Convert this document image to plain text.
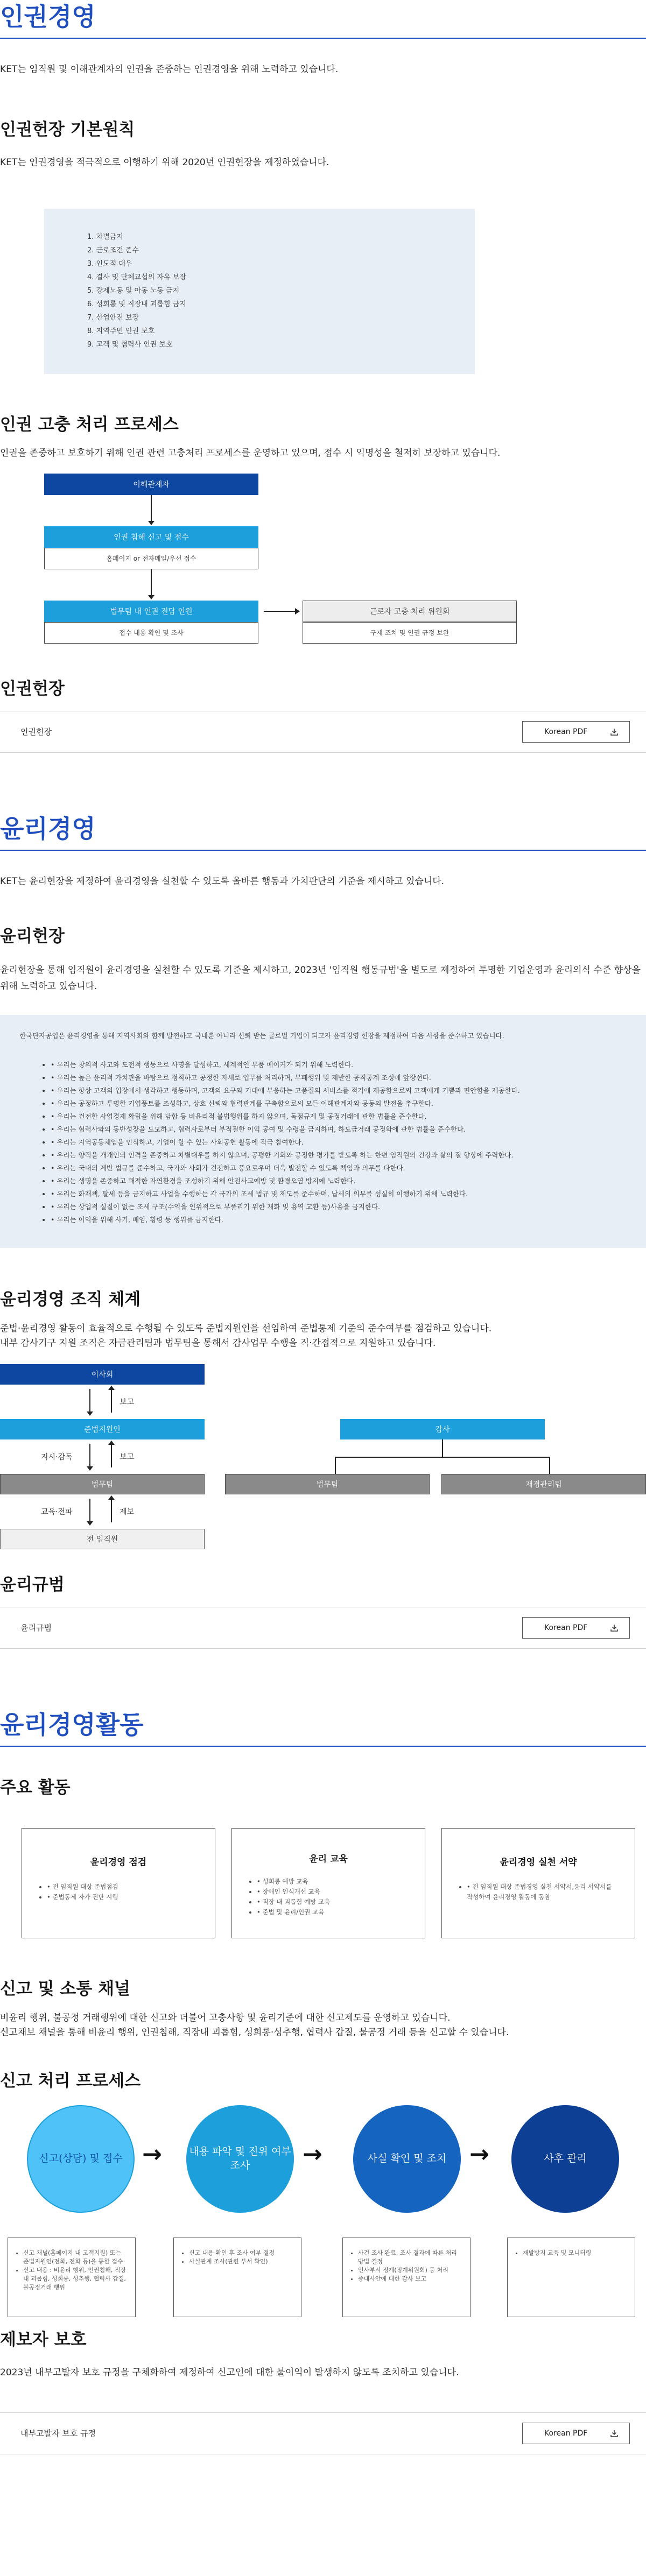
인권경영

KET는 임직원 및 이해관계자의 인권을 존중하는 인권경영을 위해 노력하고 있습니다.

인권헌장 기본원칙

KET는 인권경영을 적극적으로 이행하기 위해 2020년 인권헌장을 제정하였습니다.

1. 차별금지
2. 근로조건 준수
3. 인도적 대우
4. 결사 및 단체교섭의 자유 보장
5. 강제노동 및 아동 노동 금지
6. 성희롱 및 직장내 괴롭힘 금지
7. 산업안전 보장
8. 지역주민 인권 보호
9. 고객 및 협력사 인권 보호
인권 고충 처리 프로세스

인권을 존중하고 보호하기 위해 인권 관련 고충처리 프로세스를 운영하고 있으며, 접수 시 익명성을 철저히 보장하고 있습니다.

이해관계자
인권 침해 신고 및 접수
홈페이지 or 전자메일/우선 접수
법무팀 내 인권 전담 인원
접수 내용 확인 및 조사
근로자 고충 처리 위원회
구제 조치 및 인권 규정 보완
인권헌장
인권헌장	Korean PDF
윤리경영

KET는 윤리헌장을 제정하여 윤리경영을 실천할 수 있도록 올바른 행동과 가치판단의 기준을 제시하고 있습니다.

윤리헌장

윤리헌장을 통해 임직원이 윤리경영을 실천할 수 있도록 기준을 제시하고, 2023년 '임직원 행동규범'을 별도로 제정하여 투명한 기업운영과 윤리의식 수준 향상을 위해 노력하고 있습니다.

한국단자공업은 윤리경영을 통해 지역사회와 함께 발전하고 국내뿐 아니라 신뢰 받는 글로벌 기업이 되고자 윤리경영 헌장을 제정하여 다음 사항을 준수하고 있습니다.

• • 우리는 창의적 사고와 도전적 행동으로 사명을 달성하고, 세계적인 부품 메이커가 되기 위해 노력한다.
• • 우리는 높은 윤리적 가치관을 바탕으로 정직하고 공정한 자세로 업무를 처리하며, 부패행위 및 제반한 공직통계 조성에 앞장선다.
• • 우리는 항상 고객의 입장에서 생각하고 행동하며, 고객의 요구와 기대에 부응하는 고품질의 서비스를 적기에 제공함으로써 고객에게 기쁨과 편안함을 제공한다.
• • 우리는 공정하고 투명한 기업풍토를 조성하고, 상호 신뢰와 협력관계를 구축함으로써 모든 이해관계자와 공동의 발전을 추구한다.
• • 우리는 건전한 사업경제 확립을 위해 담합 등 비윤리적 불법행위를 하지 않으며, 독점규제 및 공정거래에 관한 법률을 준수한다.
• • 우리는 협력사와의 동반성장을 도모하고, 협력사로부터 부적절한 이익 공여 및 수령을 금지하며, 하도급거래 공정화에 관한 법률을 준수한다.
• • 우리는 지역공동체임을 인식하고, 기업이 할 수 있는 사회공헌 활동에 적극 참여한다.
• • 우리는 양직을 개개인의 인격을 존중하고 차별대우를 하지 않으며, 공평한 기회와 공정한 평가를 받도록 하는 한편 임직원의 건강과 삶의 질 향상에 주력한다.
• • 우리는 국내외 제반 법규를 준수하고, 국가와 사회가 건전하고 풍요로우며 더욱 발전할 수 있도록 책임과 의무를 다한다.
• • 우리는 생명을 존중하고 쾌적한 자연환경을 조성하기 위해 안전사고예방 및 환경오염 방지에 노력한다.
• • 우리는 화재책, 탈세 등을 금지하고 사업을 수행하는 각 국가의 조세 법규 및 제도를 준수하며, 납세의 의무를 성실히 이행하기 위해 노력한다.
• • 우리는 상업적 실질이 없는 조세 구조(수익을 인위적으로 부풀리기 위한 재화 및 용역 교환 등)사용을 금지한다.
• • 우리는 이익을 위해 사기, 배임, 횡령 등 행위를 금지한다.
윤리경영 조직 체계

준법·윤리경영 활동이 효율적으로 수행될 수 있도록 준법지원인을 선임하여 준법통제 기준의 준수여부를 점검하고 있습니다.

내부 감사기구 지원 조직은 자금관리팀과 법무팀을 통해서 감사업무 수행을 직·간접적으로 지원하고 있습니다.

이사회
보고
준법지원인
지시·감독	보고
법무팀
교육·전파	제보
전 임직원
감사
법무팀	재경관리팀
윤리규범
윤리규범	Korean PDF
윤리경영활동
주요 활동
윤리경영 점검
• • 전 임직원 대상 준법점검
• • 준법통제 자가 진단 시행
윤리 교육
• • 성희롱 예방 교육
• • 장애인 인식개선 교육
• • 직장 내 괴롭힘 예방 교육
• • 준법 및 윤리/인권 교육
윤리경영 실천 서약
• • 전 임직원 대상 준법경영 실천 서약서,윤리 서약서를 작성하여 윤리경영 활동에 동참
신고 및 소통 채널

비윤리 행위, 불공정 거래행위에 대한 신고와 더불어 고충사항 및 윤리기준에 대한 신고제도를 운영하고 있습니다.

신고채보 채널을 통해 비윤리 행위, 인권침해, 직장내 괴롭힘, 성희롱·성추행, 협력사 갑질, 불공정 거래 등을 신고할 수 있습니다.

신고 처리 프로세스
신고(상담) 및 접수 →	내용 파악 및 진위 여부 조사	→	사실 확인 및 조치 →	사후 관리
• 신고 채널(홈페이지 내 고객지원) 또는 준법지원인(전화, 전화 등)을 통한 접수
• 신고 내용 : 비윤리 행위, 인권침해, 직장 내 괴롭힘, 성희롱, 성추행, 협력사 갑질, 불공정거래 행위
• 신고 내용 확인 후 조사 여부 결정
• 사실관계 조사(관련 부서 확인)
• 사건 조사 완료, 조사 결과에 따른 처리 방법 결정
• 인사부서 징계(징계위원회) 등 처리
• 중대사안에 대한 감사 보고
• 재발방지 교육 및 모니터링
제보자 보호

2023년 내부고발자 보호 규정을 구체화하여 제정하여 신고인에 대한 불이익이 발생하지 않도록 조치하고 있습니다.

내부고발자 보호 규정	Korean PDF
